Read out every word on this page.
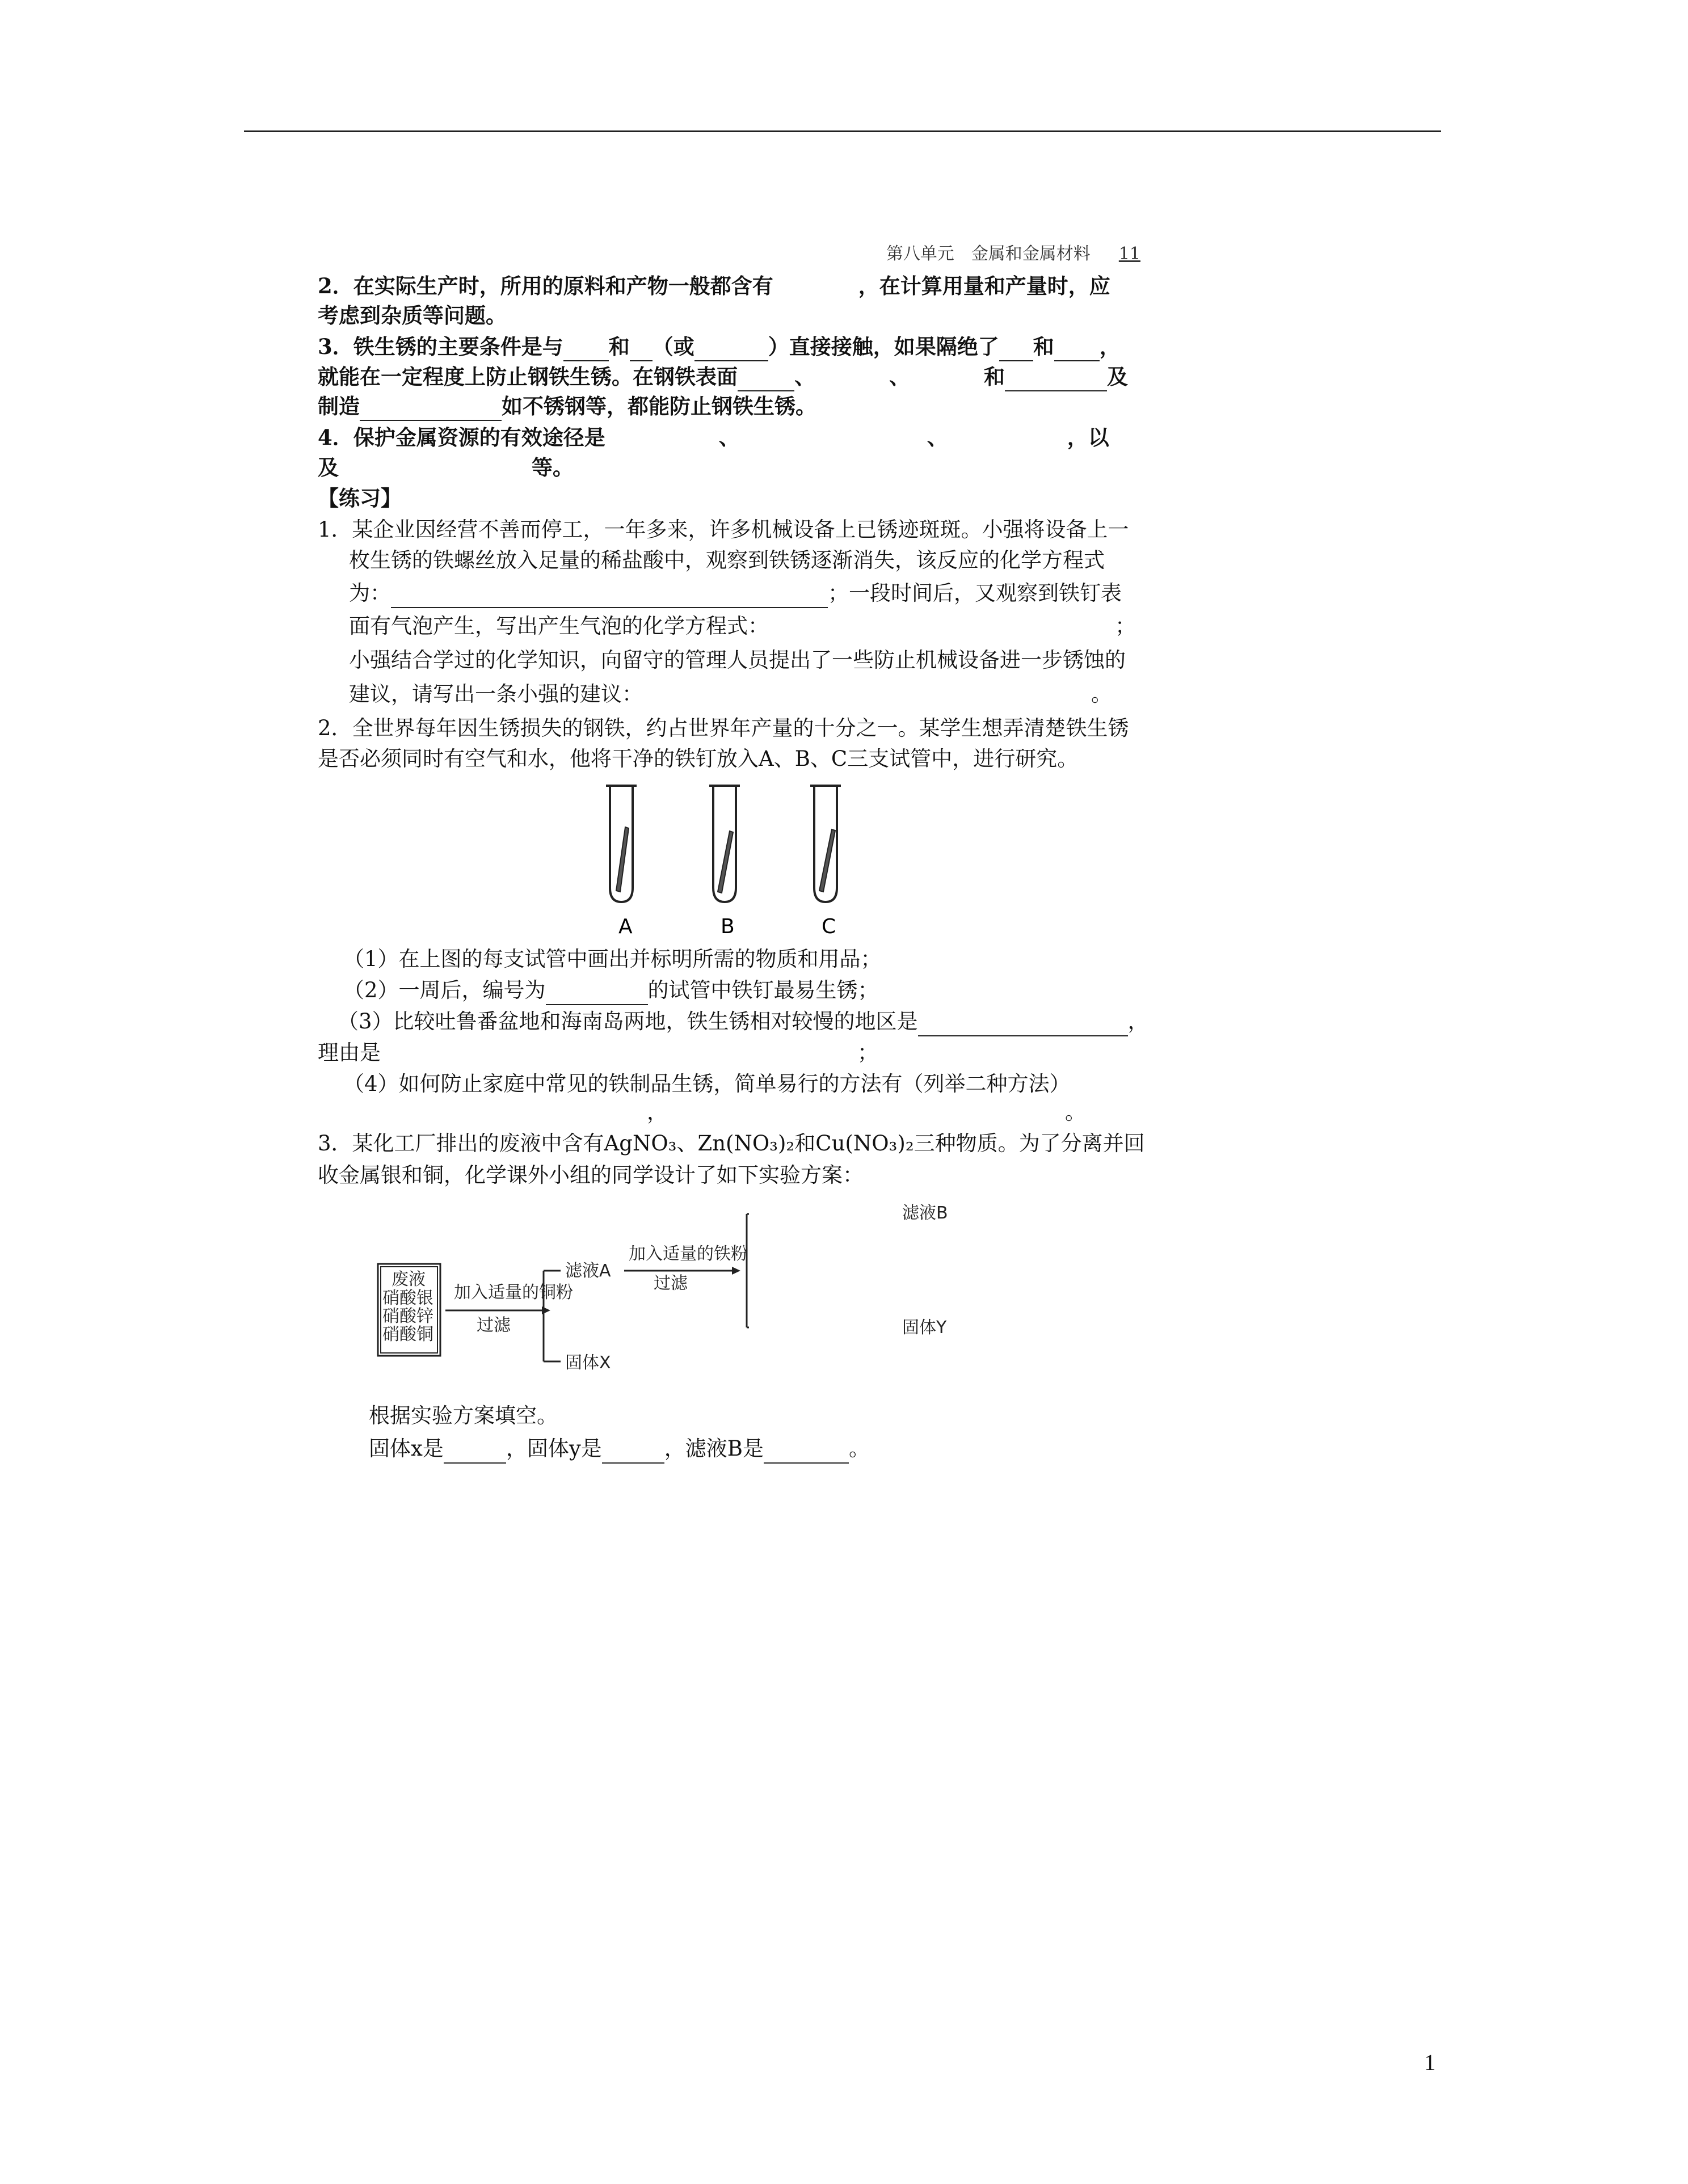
第八单元　金属和金属材料 11
2．在实际生产时，所用的原料和产物一般都含有	，在计算用量和产量时，应
考虑到杂质等问题。
3．铁生锈的主要条件是与 和 （或	）直接接触，如果隔绝了 和 ，
就能在一定程度上防止钢铁生锈。在钢铁表面	、	、	和	及
制造	如不锈钢等，都能防止钢铁生锈。
4．保护金属资源的有效途径是	、	、	，以
及	等。
【练习】
1．某企业因经营不善而停工，一年多来，许多机械设备上已锈迹斑斑。小强将设备上一
枚生锈的铁螺丝放入足量的稀盐酸中，观察到铁锈逐渐消失，该反应的化学方程式
为：	；一段时间后，又观察到铁钉表
面有气泡产生，写出产生气泡的化学方程式：	；
小强结合学过的化学知识，向留守的管理人员提出了一些防止机械设备进一步锈蚀的
建议，请写出一条小强的建议：	。
2．全世界每年因生锈损失的钢铁，约占世界年产量的十分之一。某学生想弄清楚铁生锈
是否必须同时有空气和水，他将干净的铁钉放入A、B、C三支试管中，进行研究。
A	B	C
（1）在上图的每支试管中画出并标明所需的物质和用品；
（2）一周后，编号为	的试管中铁钉最易生锈；
（3）比较吐鲁番盆地和海南岛两地，铁生锈相对较慢的地区是	，
理由是	；
（4）如何防止家庭中常见的铁制品生锈，简单易行的方法有（列举二种方法）
，	。
3．某化工厂排出的废液中含有AgNO₃、Zn(NO₃)₂和Cu(NO₃)₂三种物质。为了分离并回
收金属银和铜，化学课外小组的同学设计了如下实验方案：
废液
硝酸银
硝酸锌
硝酸铜
加入适量的铜粉
过滤
滤液A
固体X
加入适量的铁粉
过滤
滤液B
固体Y
根据实验方案填空。
固体x是	，固体y是	，滤液B是	。
1
